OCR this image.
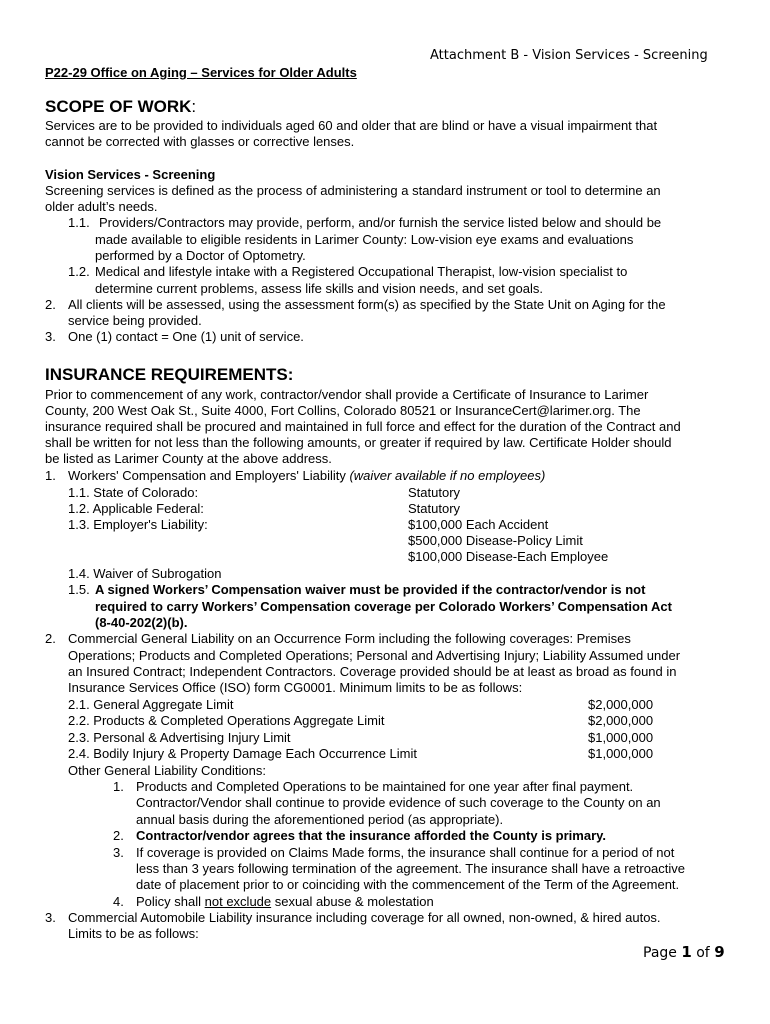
Attachment B - Vision Services - Screening
P22-29 Office on Aging – Services for Older Adults
SCOPE OF WORK:
Services are to be provided to individuals aged 60 and older that are blind or have a visual impairment that
cannot be corrected with glasses or corrective lenses.
Vision Services - Screening
Screening services is defined as the process of administering a standard instrument or tool to determine an
older adult’s needs.
1.1. Providers/Contractors may provide, perform, and/or furnish the service listed below and should be
made available to eligible residents in Larimer County: Low-vision eye exams and evaluations
performed by a Doctor of Optometry.
1.2. Medical and lifestyle intake with a Registered Occupational Therapist, low-vision specialist to
determine current problems, assess life skills and vision needs, and set goals.
2. All clients will be assessed, using the assessment form(s) as specified by the State Unit on Aging for the
service being provided.
3. One (1) contact = One (1) unit of service.
INSURANCE REQUIREMENTS:
Prior to commencement of any work, contractor/vendor shall provide a Certificate of Insurance to Larimer
County, 200 West Oak St., Suite 4000, Fort Collins, Colorado 80521 or InsuranceCert@larimer.org. The
insurance required shall be procured and maintained in full force and effect for the duration of the Contract and
shall be written for not less than the following amounts, or greater if required by law. Certificate Holder should
be listed as Larimer County at the above address.
1. Workers' Compensation and Employers' Liability (waiver available if no employees)
1.1. State of Colorado:	Statutory
1.2. Applicable Federal:	Statutory
1.3. Employer's Liability:	$100,000 Each Accident
$500,000 Disease-Policy Limit
$100,000 Disease-Each Employee
1.4. Waiver of Subrogation
1.5. A signed Workers’ Compensation waiver must be provided if the contractor/vendor is not
required to carry Workers’ Compensation coverage per Colorado Workers’ Compensation Act
(8-40-202(2)(b).
2. Commercial General Liability on an Occurrence Form including the following coverages: Premises
Operations; Products and Completed Operations; Personal and Advertising Injury; Liability Assumed under
an Insured Contract; Independent Contractors. Coverage provided should be at least as broad as found in
Insurance Services Office (ISO) form CG0001. Minimum limits to be as follows:
2.1. General Aggregate Limit	$2,000,000
2.2. Products & Completed Operations Aggregate Limit	$2,000,000
2.3. Personal & Advertising Injury Limit	$1,000,000
2.4. Bodily Injury & Property Damage Each Occurrence Limit	$1,000,000
Other General Liability Conditions:
1. Products and Completed Operations to be maintained for one year after final payment.
Contractor/Vendor shall continue to provide evidence of such coverage to the County on an
annual basis during the aforementioned period (as appropriate).
2. Contractor/vendor agrees that the insurance afforded the County is primary.
3. If coverage is provided on Claims Made forms, the insurance shall continue for a period of not
less than 3 years following termination of the agreement. The insurance shall have a retroactive
date of placement prior to or coinciding with the commencement of the Term of the Agreement.
4. Policy shall not exclude sexual abuse & molestation
3. Commercial Automobile Liability insurance including coverage for all owned, non-owned, & hired autos.
Limits to be as follows:
Page 1 of 9
